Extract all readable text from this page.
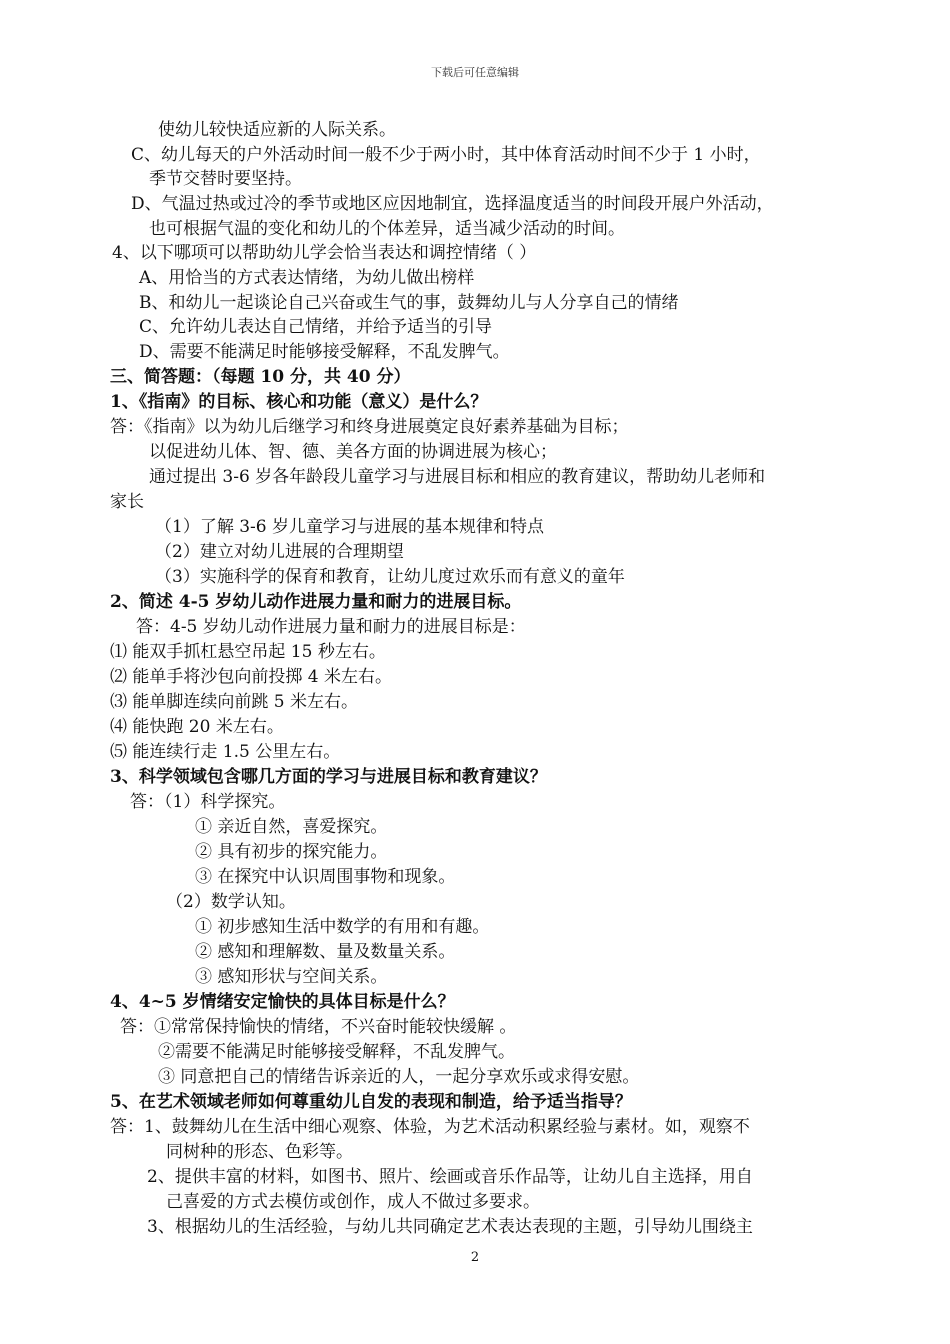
下载后可任意编辑
使幼儿较快适应新的人际关系。
C、幼儿每天的户外活动时间一般不少于两小时，其中体育活动时间不少于 1 小时，
季节交替时要坚持。
D、气温过热或过冷的季节或地区应因地制宜，选择温度适当的时间段开展户外活动，
也可根据气温的变化和幼儿的个体差异，适当减少活动的时间。
4、以下哪项可以帮助幼儿学会恰当表达和调控情绪（ ）
A、用恰当的方式表达情绪，为幼儿做出榜样
B、和幼儿一起谈论自己兴奋或生气的事，鼓舞幼儿与人分享自己的情绪
C、允许幼儿表达自己情绪，并给予适当的引导
D、需要不能满足时能够接受解释，不乱发脾气。
三、简答题：（每题 10 分，共 40 分）
1、《指南》的目标、核心和功能（意义）是什么？
答：《指南》以为幼儿后继学习和终身进展奠定良好素养基础为目标；
以促进幼儿体、智、德、美各方面的协调进展为核心；
通过提出 3-6 岁各年龄段儿童学习与进展目标和相应的教育建议，帮助幼儿老师和
家长
（1）了解 3-6 岁儿童学习与进展的基本规律和特点
（2）建立对幼儿进展的合理期望
（3）实施科学的保育和教育，让幼儿度过欢乐而有意义的童年
2、简述 4-5 岁幼儿动作进展力量和耐力的进展目标。
答：4-5 岁幼儿动作进展力量和耐力的进展目标是：
⑴ 能双手抓杠悬空吊起 15 秒左右。
⑵ 能单手将沙包向前投掷 4 米左右。
⑶ 能单脚连续向前跳 5 米左右。
⑷ 能快跑 20 米左右。
⑸ 能连续行走 1.5 公里左右。
3、科学领域包含哪几方面的学习与进展目标和教育建议？
答：（1）科学探究。
① 亲近自然，喜爱探究。
② 具有初步的探究能力。
③ 在探究中认识周围事物和现象。
（2）数学认知。
① 初步感知生活中数学的有用和有趣。
② 感知和理解数、量及数量关系。
③ 感知形状与空间关系。
4、4~5 岁情绪安定愉快的具体目标是什么？
答：①常常保持愉快的情绪，不兴奋时能较快缓解 。
②需要不能满足时能够接受解释，不乱发脾气。
③ 同意把自己的情绪告诉亲近的人，一起分享欢乐或求得安慰。
5、在艺术领域老师如何尊重幼儿自发的表现和制造，给予适当指导？
答：1、鼓舞幼儿在生活中细心观察、体验，为艺术活动积累经验与素材。如，观察不
同树种的形态、色彩等。
2、提供丰富的材料，如图书、照片、绘画或音乐作品等，让幼儿自主选择，用自
己喜爱的方式去模仿或创作，成人不做过多要求。
3、根据幼儿的生活经验，与幼儿共同确定艺术表达表现的主题，引导幼儿围绕主
2
